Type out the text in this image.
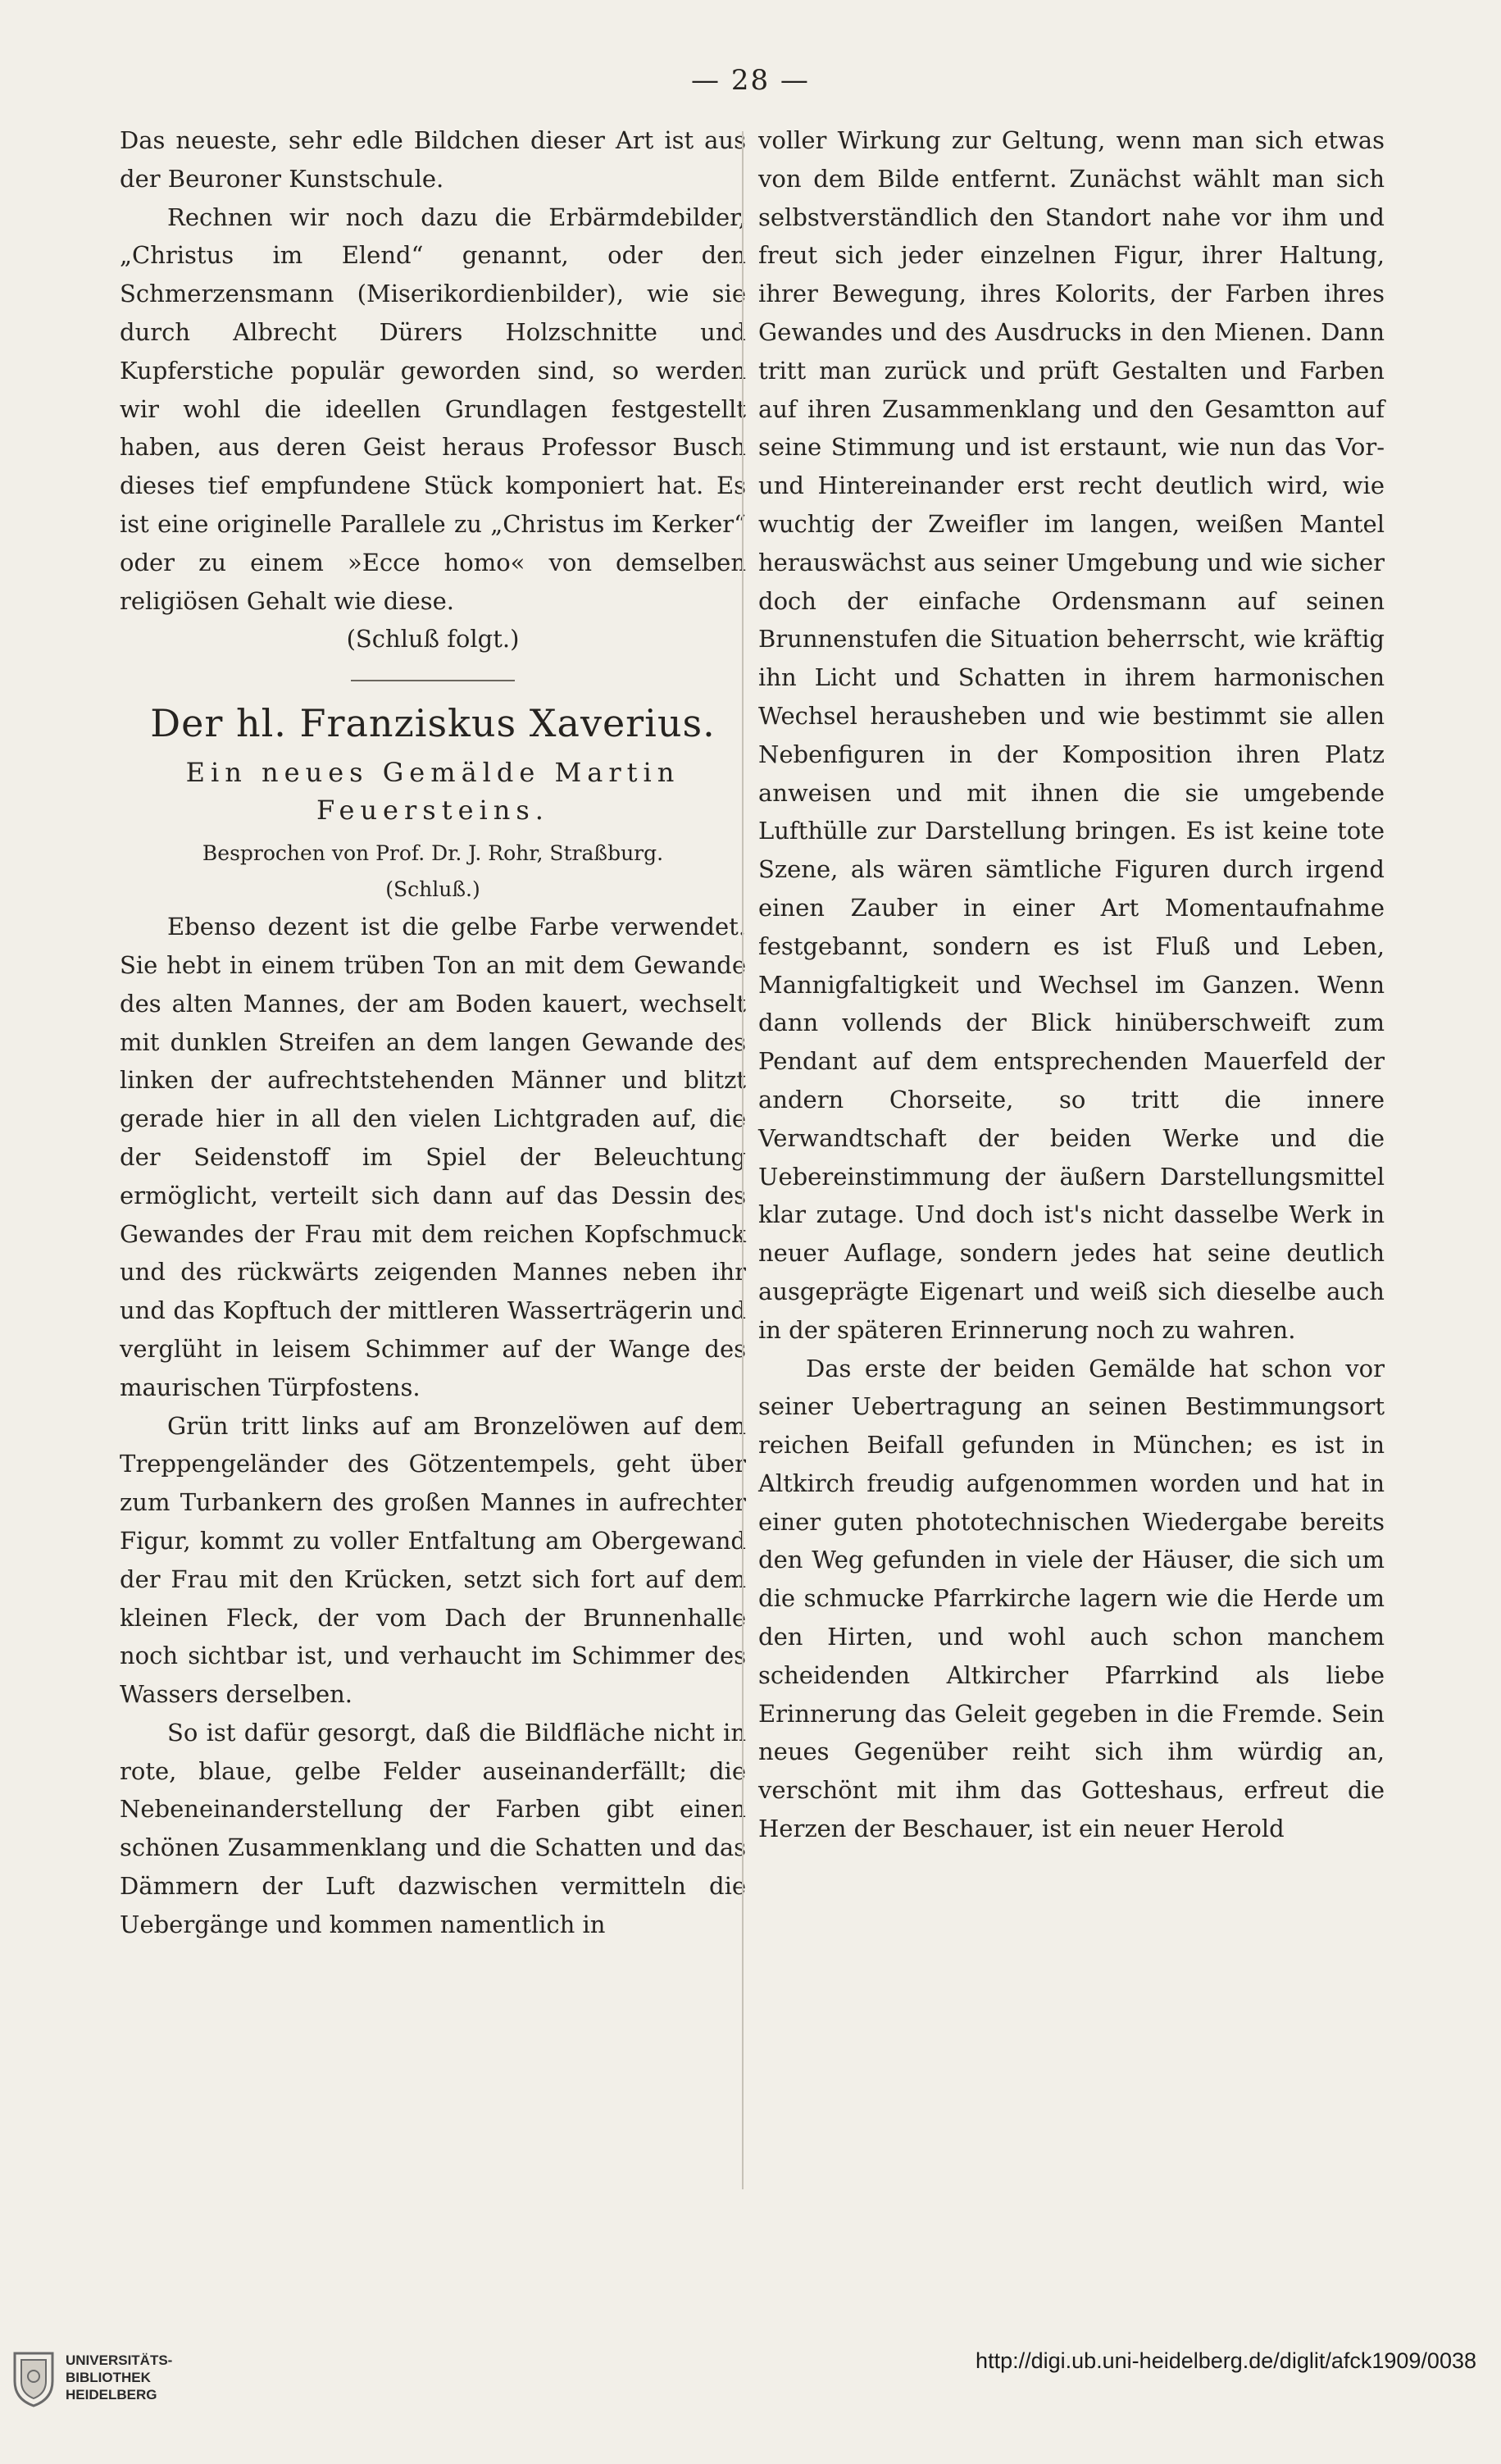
— 28 —

Das neueste, sehr edle Bildchen dieser Art ist aus der Beuroner Kunstschule.

Rechnen wir noch dazu die Erbärmdebilder, „Christus im Elend“ genannt, oder den Schmerzensmann (Miserikordienbilder), wie sie durch Albrecht Dürers Holzschnitte und Kupferstiche populär geworden sind, so werden wir wohl die ideellen Grundlagen festgestellt haben, aus deren Geist heraus Professor Busch dieses tief empfundene Stück komponiert hat. Es ist eine originelle Parallele zu „Christus im Kerker“ oder zu einem »Ecce homo« von demselben religiösen Gehalt wie diese.

(Schluß folgt.)

Der hl. Franziskus Xaverius.
Ein neues Gemälde Martin Feuersteins.
Besprochen von Prof. Dr. J. Rohr, Straßburg.
(Schluß.)

Ebenso dezent ist die gelbe Farbe verwendet. Sie hebt in einem trüben Ton an mit dem Gewande des alten Mannes, der am Boden kauert, wechselt mit dunklen Streifen an dem langen Gewande des linken der aufrechtstehenden Männer und blitzt gerade hier in all den vielen Lichtgraden auf, die der Seidenstoff im Spiel der Beleuchtung ermöglicht, verteilt sich dann auf das Dessin des Gewandes der Frau mit dem reichen Kopfschmuck und des rückwärts zeigenden Mannes neben ihr und das Kopftuch der mittleren Wasserträgerin und verglüht in leisem Schimmer auf der Wange des maurischen Türpfostens.

Grün tritt links auf am Bronzelöwen auf dem Treppengeländer des Götzentempels, geht über zum Turbankern des großen Mannes in aufrechter Figur, kommt zu voller Entfaltung am Obergewand der Frau mit den Krücken, setzt sich fort auf dem kleinen Fleck, der vom Dach der Brunnenhalle noch sichtbar ist, und verhaucht im Schimmer des Wassers derselben.

So ist dafür gesorgt, daß die Bildfläche nicht in rote, blaue, gelbe Felder auseinanderfällt; die Nebeneinanderstellung der Farben gibt einen schönen Zusammenklang und die Schatten und das Dämmern der Luft dazwischen vermitteln die Uebergänge und kommen namentlich in

voller Wirkung zur Geltung, wenn man sich etwas von dem Bilde entfernt. Zunächst wählt man sich selbstverständlich den Standort nahe vor ihm und freut sich jeder einzelnen Figur, ihrer Haltung, ihrer Bewegung, ihres Kolorits, der Farben ihres Gewandes und des Ausdrucks in den Mienen. Dann tritt man zurück und prüft Gestalten und Farben auf ihren Zusammenklang und den Gesamtton auf seine Stimmung und ist erstaunt, wie nun das Vor- und Hintereinander erst recht deutlich wird, wie wuchtig der Zweifler im langen, weißen Mantel herauswächst aus seiner Umgebung und wie sicher doch der einfache Ordensmann auf seinen Brunnenstufen die Situation beherrscht, wie kräftig ihn Licht und Schatten in ihrem harmonischen Wechsel herausheben und wie bestimmt sie allen Nebenfiguren in der Komposition ihren Platz anweisen und mit ihnen die sie umgebende Lufthülle zur Darstellung bringen. Es ist keine tote Szene, als wären sämtliche Figuren durch irgend einen Zauber in einer Art Momentaufnahme festgebannt, sondern es ist Fluß und Leben, Mannigfaltigkeit und Wechsel im Ganzen. Wenn dann vollends der Blick hinüberschweift zum Pendant auf dem entsprechenden Mauerfeld der andern Chorseite, so tritt die innere Verwandtschaft der beiden Werke und die Uebereinstimmung der äußern Darstellungsmittel klar zutage. Und doch ist's nicht dasselbe Werk in neuer Auflage, sondern jedes hat seine deutlich ausgeprägte Eigenart und weiß sich dieselbe auch in der späteren Erinnerung noch zu wahren.

Das erste der beiden Gemälde hat schon vor seiner Uebertragung an seinen Bestimmungsort reichen Beifall gefunden in München; es ist in Altkirch freudig aufgenommen worden und hat in einer guten phototechnischen Wiedergabe bereits den Weg gefunden in viele der Häuser, die sich um die schmucke Pfarrkirche lagern wie die Herde um den Hirten, und wohl auch schon manchem scheidenden Altkircher Pfarrkind als liebe Erinnerung das Geleit gegeben in die Fremde. Sein neues Gegenüber reiht sich ihm würdig an, verschönt mit ihm das Gotteshaus, erfreut die Herzen der Beschauer, ist ein neuer Herold

UNIVERSITÄTS-
BIBLIOTHEK
HEIDELBERG
http://digi.ub.uni-heidelberg.de/diglit/afck1909/0038
